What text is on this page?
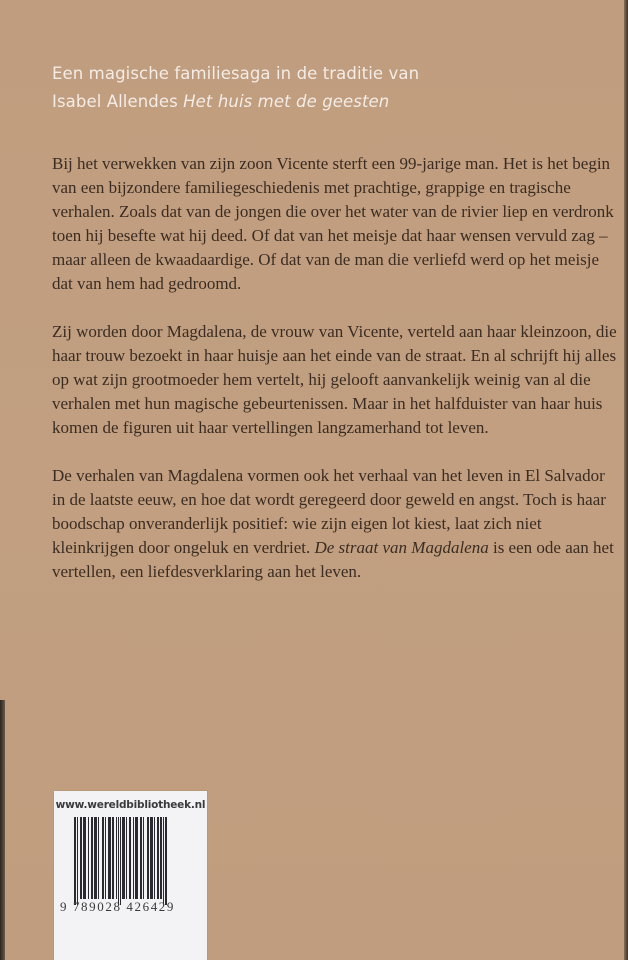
Een magische familiesaga in de traditie van
Isabel Allendes Het huis met de geesten

Bij het verwekken van zijn zoon Vicente sterft een 99-jarige man. Het is het begin van een bijzondere familiegeschiedenis met prachtige, grappige en tragische verhalen. Zoals dat van de jongen die over het water van de rivier liep en verdronk toen hij besefte wat hij deed. Of dat van het meisje dat haar wensen vervuld zag – maar alleen de kwaadaardige. Of dat van de man die verliefd werd op het meisje dat van hem had gedroomd.

Zij worden door Magdalena, de vrouw van Vicente, verteld aan haar kleinzoon, die haar trouw bezoekt in haar huisje aan het einde van de straat. En al schrijft hij alles op wat zijn grootmoeder hem vertelt, hij gelooft aanvankelijk weinig van al die verhalen met hun magische gebeurtenissen. Maar in het halfduister van haar huis komen de figuren uit haar vertellingen langzamerhand tot leven.

De verhalen van Magdalena vormen ook het verhaal van het leven in El Salvador in de laatste eeuw, en hoe dat wordt geregeerd door geweld en angst. Toch is haar boodschap onveranderlijk positief: wie zijn eigen lot kiest, laat zich niet kleinkrijgen door ongeluk en verdriet. De straat van Magdalena is een ode aan het vertellen, een liefdesverklaring aan het leven.

www.wereldbibliotheek.nl
9 789028 426429
